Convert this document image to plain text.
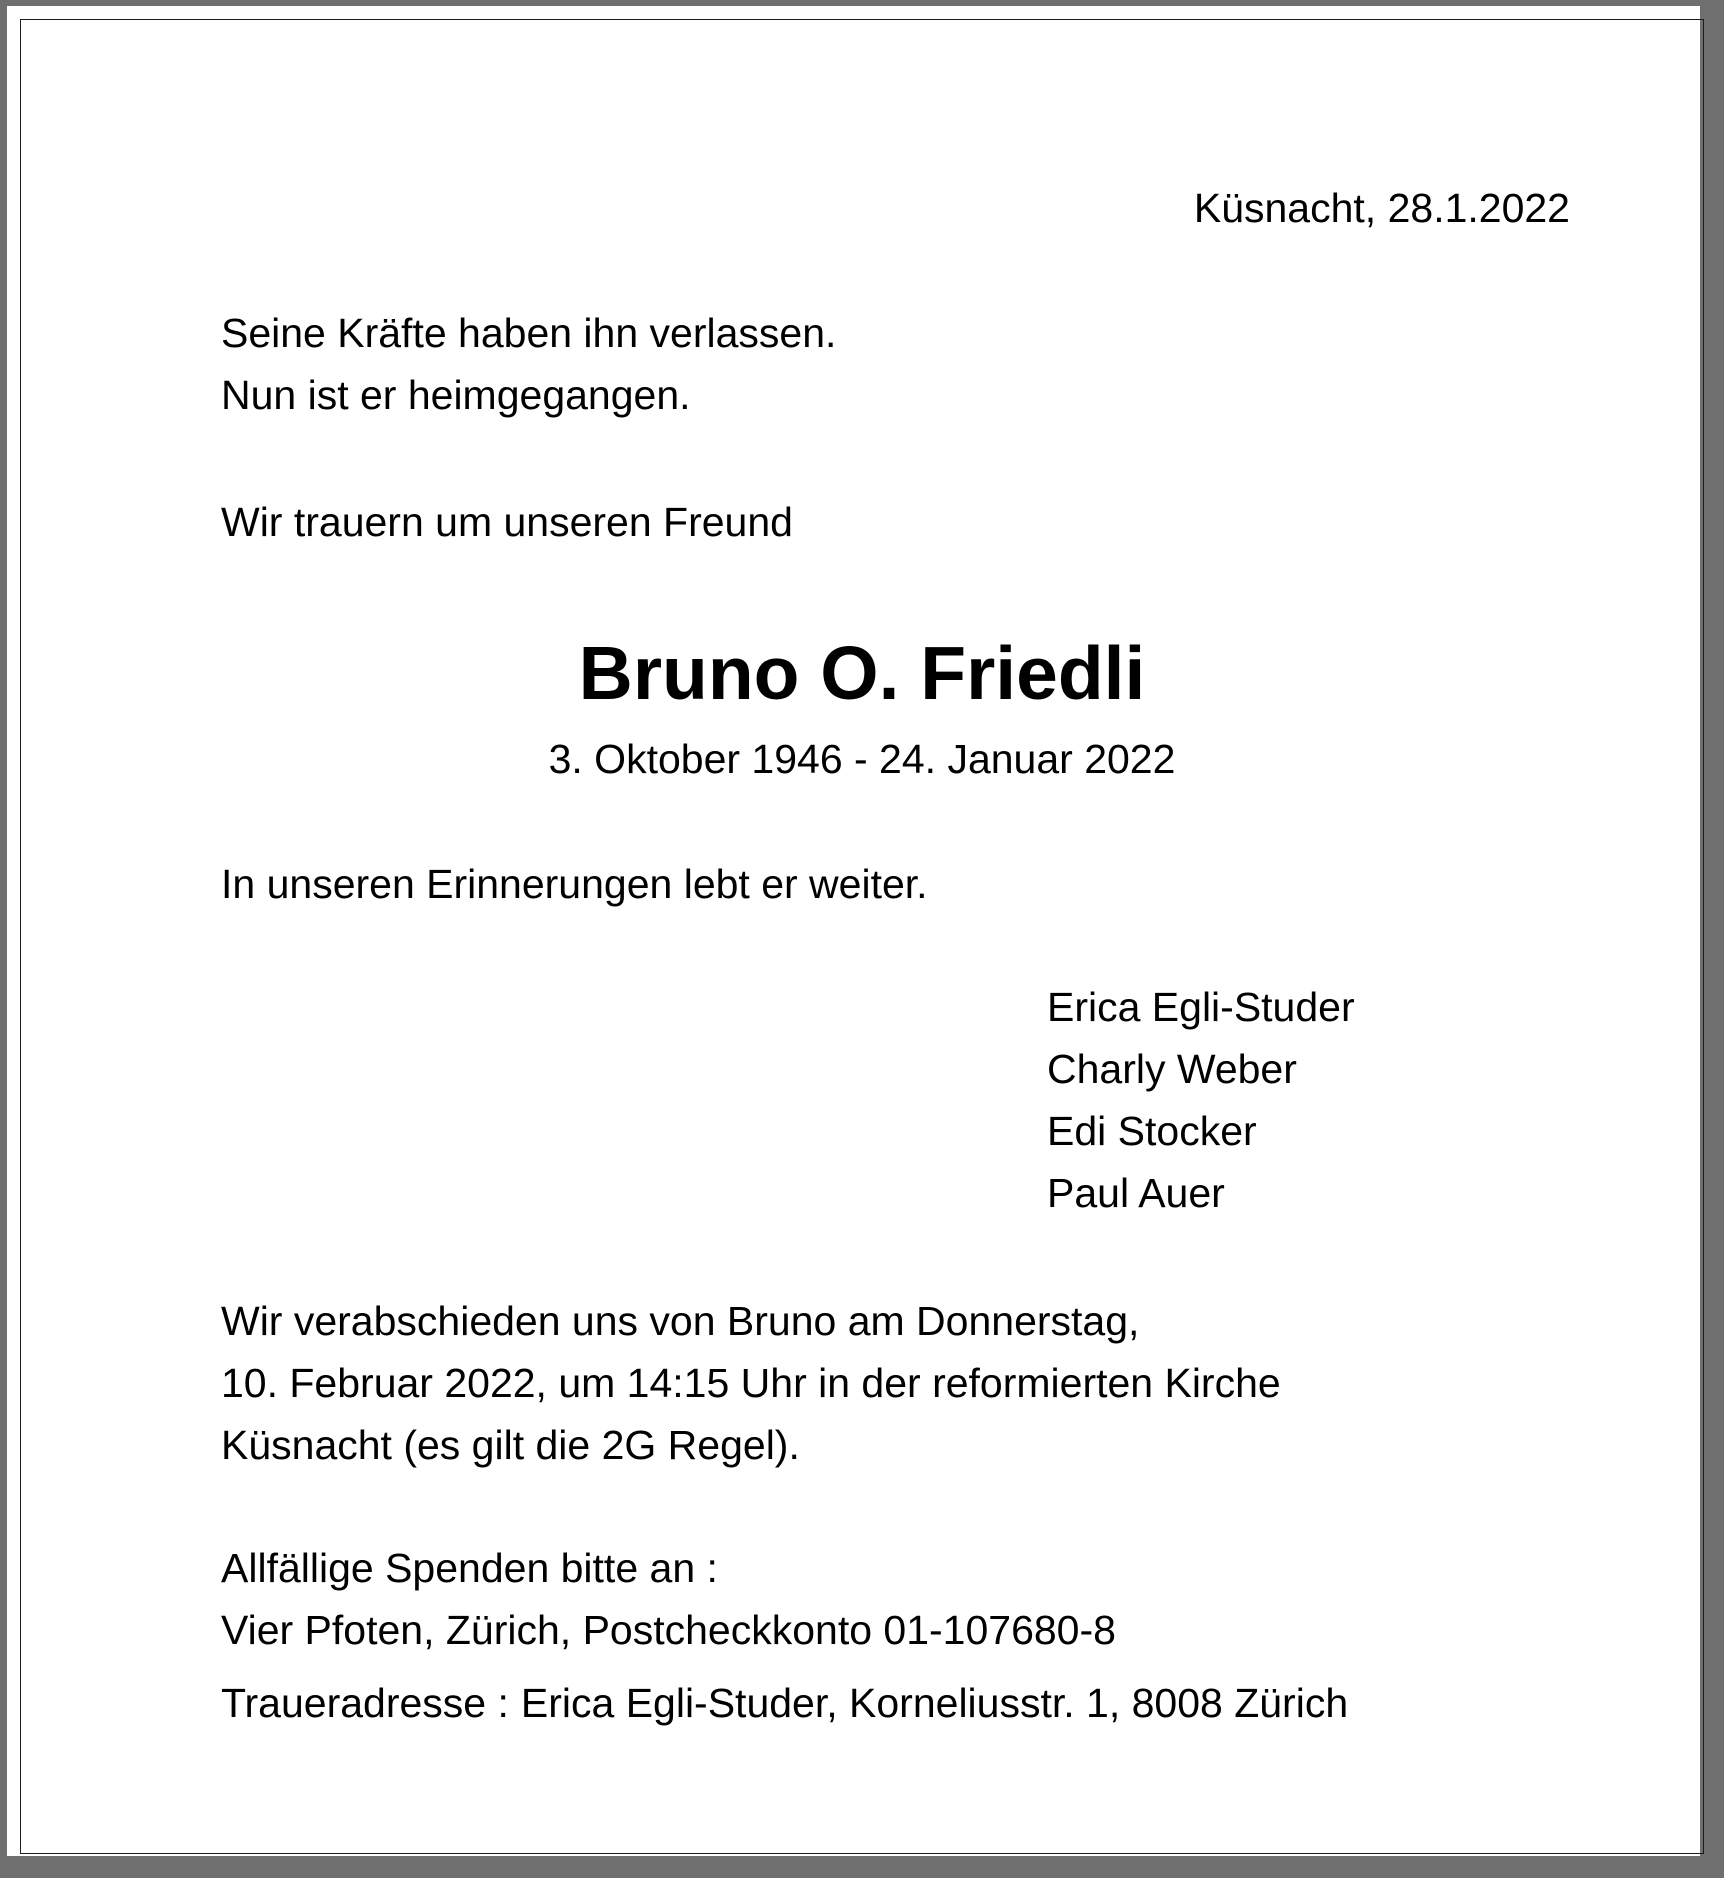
Küsnacht, 28.1.2022

Seine Kräfte haben ihn verlassen.

Nun ist er heimgegangen.

Wir trauern um unseren Freund

Bruno O. Friedli

3. Oktober 1946 - 24. Januar 2022

In unseren Erinnerungen lebt er weiter.

Erica Egli-Studer
Charly Weber
Edi Stocker
Paul Auer
Wir verabschieden uns von Bruno am Donnerstag,
10. Februar 2022, um 14:15 Uhr in der reformierten Kirche
Küsnacht (es gilt die 2G Regel).
Allfällige Spenden bitte an :
Vier Pfoten, Zürich, Postcheckkonto 01-107680-8

Traueradresse : Erica Egli-Studer, Korneliusstr. 1, 8008 Zürich
